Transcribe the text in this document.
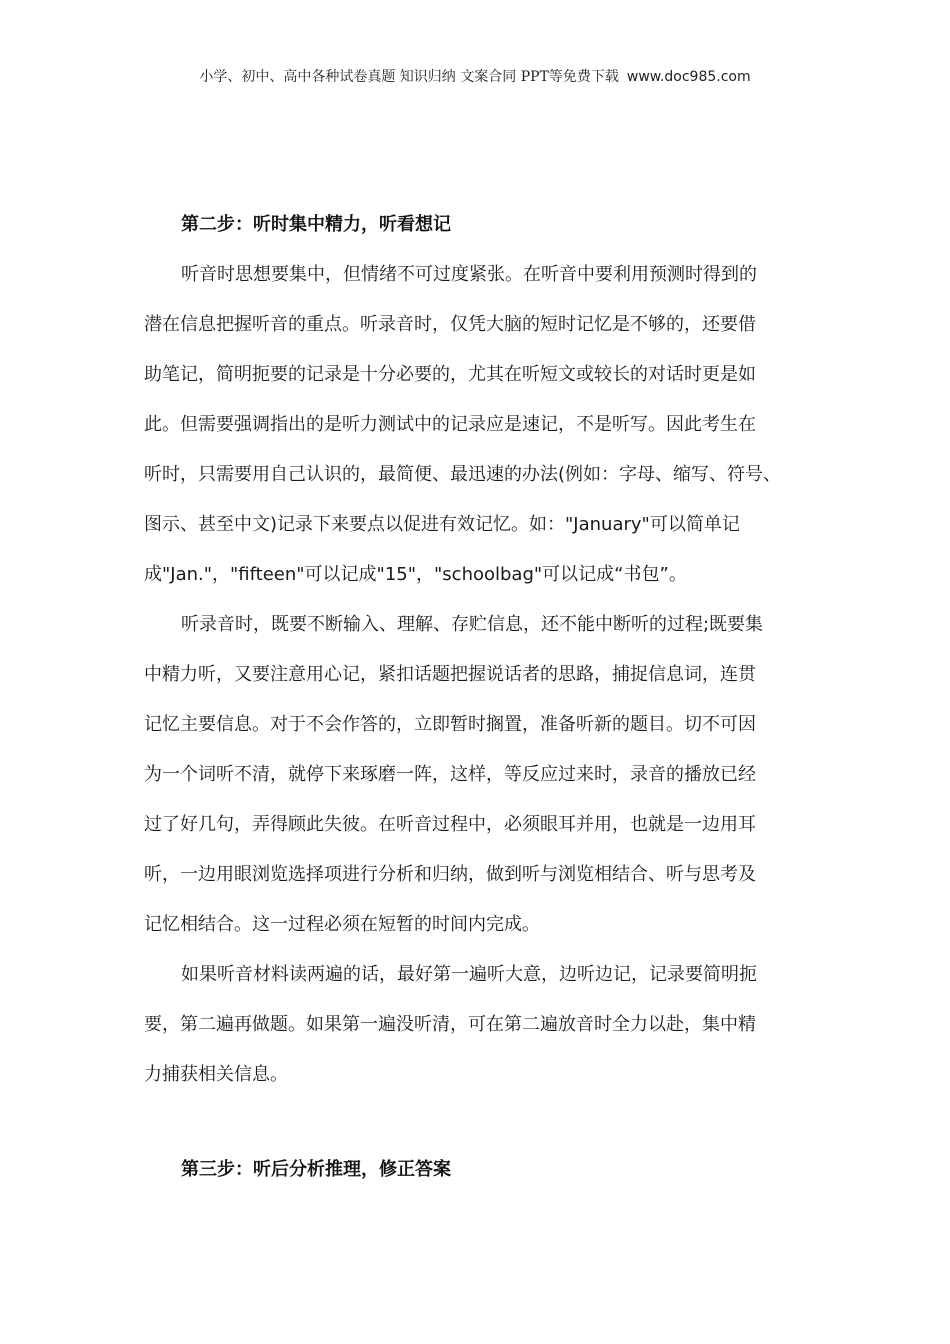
小学、初中、高中各种试卷真题 知识归纳 文案合同 PPT等免费下载 www.doc985.com
第二步：听时集中精力，听看想记
听音时思想要集中，但情绪不可过度紧张。在听音中要利用预测时得到的
潜在信息把握听音的重点。听录音时，仅凭大脑的短时记忆是不够的，还要借
助笔记，简明扼要的记录是十分必要的，尤其在听短文或较长的对话时更是如
此。但需要强调指出的是听力测试中的记录应是速记，不是听写。因此考生在
听时，只需要用自己认识的，最简便、最迅速的办法(例如：字母、缩写、符号、
图示、甚至中文)记录下来要点以促进有效记忆。如："January"可以简单记
成"Jan."，"fifteen"可以记成"15"，"schoolbag"可以记成“书包”。
听录音时，既要不断输入、理解、存贮信息，还不能中断听的过程;既要集
中精力听，又要注意用心记，紧扣话题把握说话者的思路，捕捉信息词，连贯
记忆主要信息。对于不会作答的，立即暂时搁置，准备听新的题目。切不可因
为一个词听不清，就停下来琢磨一阵，这样，等反应过来时，录音的播放已经
过了好几句，弄得顾此失彼。在听音过程中，必须眼耳并用，也就是一边用耳
听，一边用眼浏览选择项进行分析和归纳，做到听与浏览相结合、听与思考及
记忆相结合。这一过程必须在短暂的时间内完成。
如果听音材料读两遍的话，最好第一遍听大意，边听边记，记录要简明扼
要，第二遍再做题。如果第一遍没听清，可在第二遍放音时全力以赴，集中精
力捕获相关信息。
第三步：听后分析推理，修正答案
